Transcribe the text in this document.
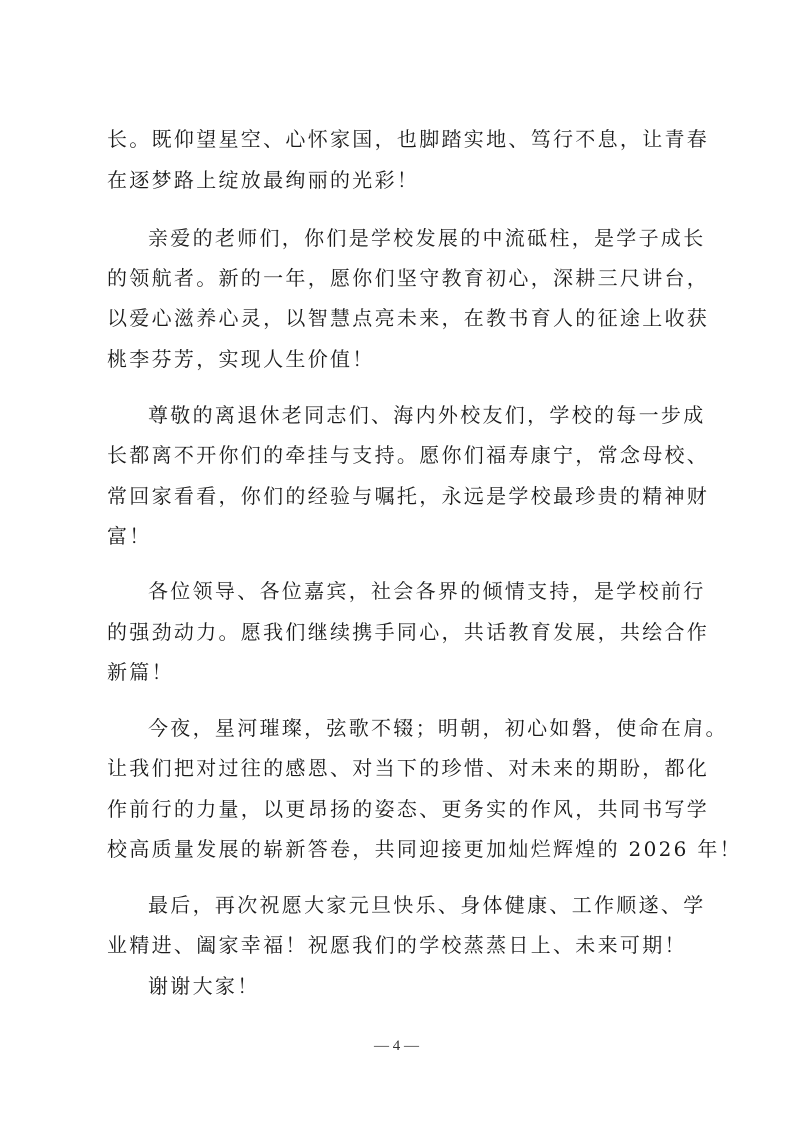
长。既仰望星空、心怀家国，也脚踏实地、笃行不息，让青春
在逐梦路上绽放最绚丽的光彩！
亲爱的老师们，你们是学校发展的中流砥柱，是学子成长
的领航者。新的一年，愿你们坚守教育初心，深耕三尺讲台，
以爱心滋养心灵，以智慧点亮未来，在教书育人的征途上收获
桃李芬芳，实现人生价值！
尊敬的离退休老同志们、海内外校友们，学校的每一步成
长都离不开你们的牵挂与支持。愿你们福寿康宁，常念母校、
常回家看看，你们的经验与嘱托，永远是学校最珍贵的精神财
富！
各位领导、各位嘉宾，社会各界的倾情支持，是学校前行
的强劲动力。愿我们继续携手同心，共话教育发展，共绘合作
新篇！
今夜，星河璀璨，弦歌不辍；明朝，初心如磐，使命在肩。
让我们把对过往的感恩、对当下的珍惜、对未来的期盼，都化
作前行的力量，以更昂扬的姿态、更务实的作风，共同书写学
校高质量发展的崭新答卷，共同迎接更加灿烂辉煌的 2026 年！
最后，再次祝愿大家元旦快乐、身体健康、工作顺遂、学
业精进、阖家幸福！祝愿我们的学校蒸蒸日上、未来可期！
谢谢大家！
— 4 —
